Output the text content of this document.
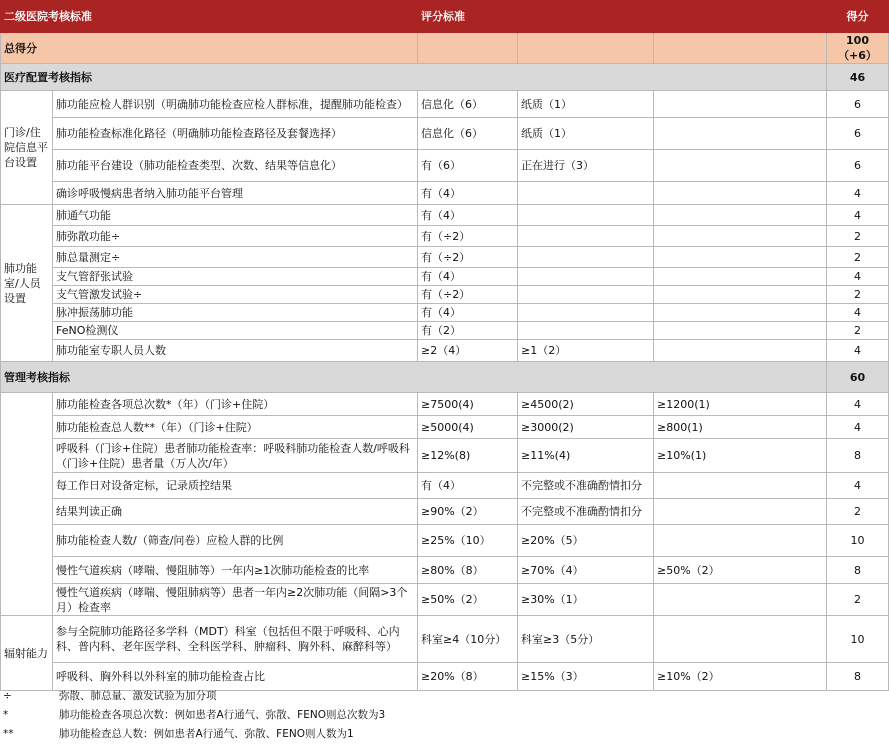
二级医院考核标准		评分标准			得分
总得分					100（+6）
医疗配置考核指标					46
门诊/住院信息平台设置	肺功能应检人群识别（明确肺功能检查应检人群标准，提醒肺功能检查）	信息化（6）	纸质（1）		6
	肺功能检查标准化路径（明确肺功能检查路径及套餐选择）	信息化（6）	纸质（1）		6
	肺功能平台建设（肺功能检查类型、次数、结果等信息化）	有（6）	正在进行（3）		6
	确诊呼吸慢病患者纳入肺功能平台管理	有（4）			4
肺功能室/人员设置	肺通气功能	有（4）			4
	肺弥散功能÷	有（÷2）			2
	肺总量测定÷	有（÷2）			2
	支气管舒张试验	有（4）			4
	支气管激发试验÷	有（÷2）			2
	脉冲振荡肺功能	有（4）			4
	FeNO检测仪	有（2）			2
	肺功能室专职人员人数	≥2（4）	≥1（2）		4
管理考核指标					60
	肺功能检查各项总次数*（年）（门诊+住院）	≥7500(4)	≥4500(2)	≥1200(1)	4
	肺功能检查总人数**（年）（门诊+住院）	≥5000(4)	≥3000(2)	≥800(1)	4
	呼吸科（门诊+住院）患者肺功能检查率：呼吸科肺功能检查人数/呼吸科（门诊+住院）患者量（万人次/年）	≥12%(8)	≥11%(4)	≥10%(1)	8
	每工作日对设备定标，记录质控结果	有（4）	不完整或不准确酌情扣分		4
	结果判读正确	≥90%（2）	不完整或不准确酌情扣分		2
	肺功能检查人数/（筛查/问卷）应检人群的比例	≥25%（10）	≥20%（5）		10
	慢性气道疾病（哮喘、慢阻肺等）一年内≥1次肺功能检查的比率	≥80%（8）	≥70%（4）	≥50%（2）	8
	慢性气道疾病（哮喘、慢阻肺病等）患者一年内≥2次肺功能（间隔>3个月）检查率	≥50%（2）	≥30%（1）		2
辐射能力	参与全院肺功能路径多学科（MDT）科室（包括但不限于呼吸科、心内科、普内科、老年医学科、全科医学科、肿瘤科、胸外科、麻醉科等）	科室≥4（10分）	科室≥3（5分）		10
	呼吸科、胸外科以外科室的肺功能检查占比	≥20%（8）	≥15%（3）	≥10%（2）	8
÷	弥散、肺总量、激发试验为加分项
*	肺功能检查各项总次数：例如患者A行通气、弥散、FENO则总次数为3
**	肺功能检查总人数：例如患者A行通气、弥散、FENO则人数为1
